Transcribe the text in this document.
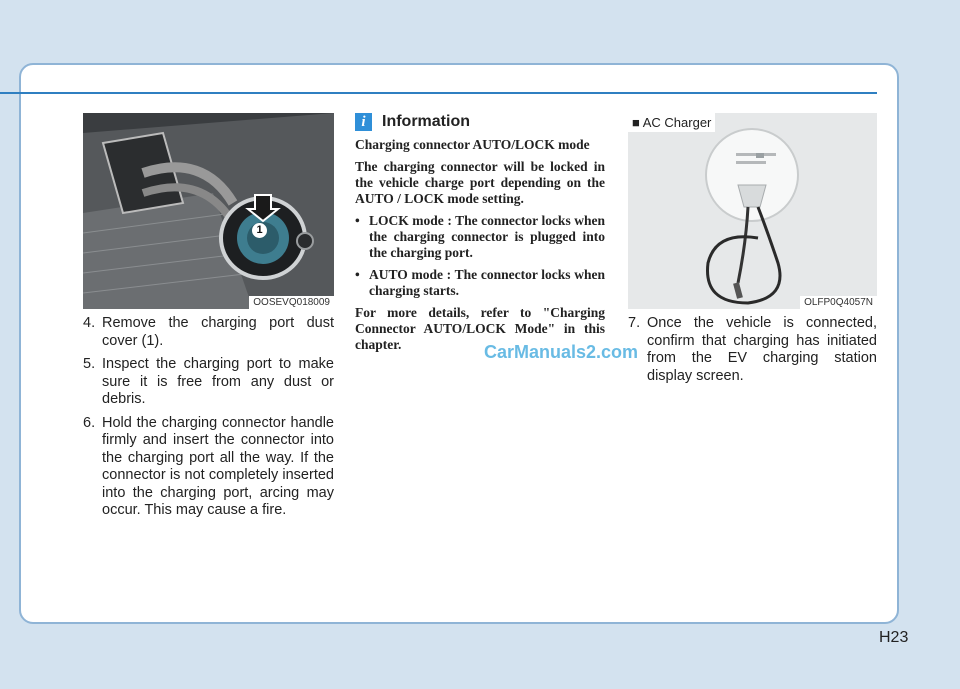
1
OOSEVQ018009
4. Remove the charging port dust cover (1).
5. Inspect the charging port to make sure it is free from any dust or debris.
6. Hold the charging connector handle firmly and insert the connector into the charging port all the way. If the connector is not completely inserted into the charging port, arcing may occur. This may cause a fire.
i	Information

Charging connector AUTO/LOCK mode

The charging connector will be locked in the vehicle charge port depending on the AUTO / LOCK mode setting.

• LOCK mode : The connector locks when the charging connector is plugged into the charging port.
• AUTO mode : The connector locks when charging starts.

For more details, refer to "Charging Connector AUTO/LOCK Mode" in this chapter.	CarManuals2.com
■ AC Charger
OLFP0Q4057N
7. Once the vehicle is connected, confirm that charging has initiated from the EV charging station display screen.
H23
